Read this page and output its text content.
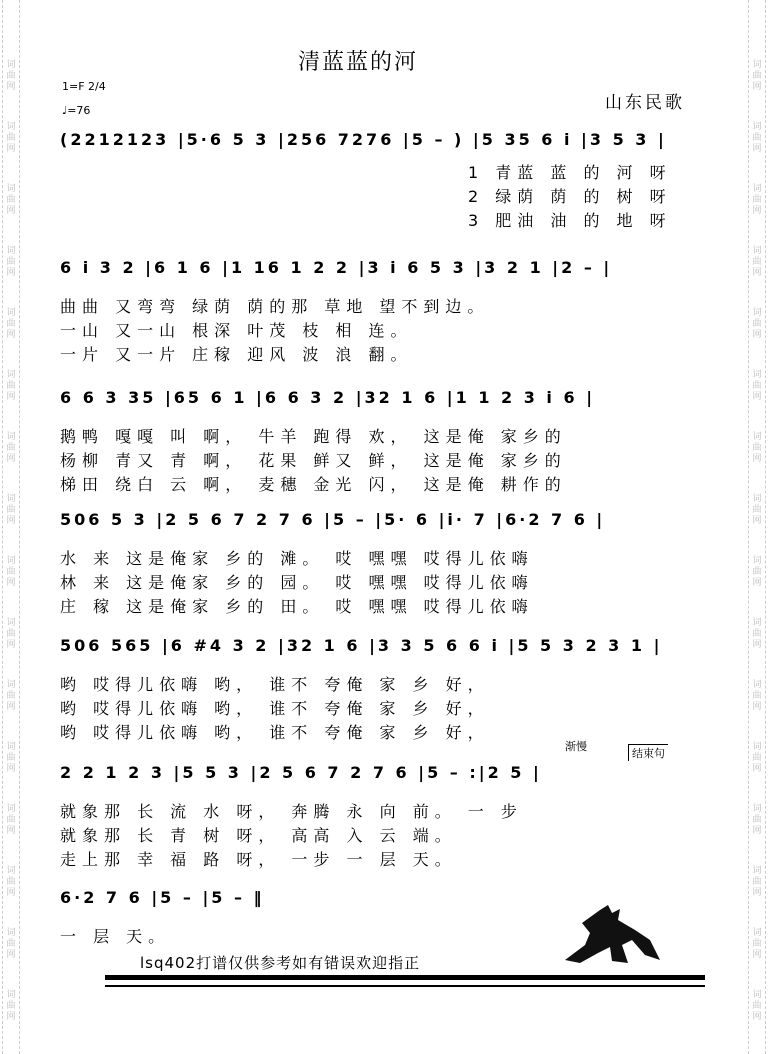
词曲网
词曲网
词曲网
词曲网
词曲网
词曲网
词曲网
词曲网
词曲网
词曲网
词曲网
词曲网
词曲网
词曲网
词曲网
词曲网
词曲网
词曲网
词曲网
词曲网
词曲网
词曲网
词曲网
词曲网
词曲网
词曲网
词曲网
词曲网
词曲网
词曲网
词曲网
词曲网
清蓝蓝的河
山东民歌
1=F 2/4
♩=76
(2212123 |5·6 5 3 |256 7276 |5 – ) |5 35 6 i |3 5 3 |
1 青蓝 蓝 的 河 呀
2 绿荫 荫 的 树 呀
3 肥油 油 的 地 呀
6 i 3 2 |6 1 6 |1 16 1 2 2 |3 i 6 5 3 |3 2 1 |2 – |
曲曲 又弯弯 绿荫 荫的那 草地 望不到边。
一山 又一山 根深 叶茂 枝 相 连。
一片 又一片 庄稼 迎风 波 浪 翻。
6 6 3 35 |65 6 1 |6 6 3 2 |32 1 6 |1 1 2 3 i 6 |
鹅鸭 嘎嘎 叫 啊， 牛羊 跑得 欢， 这是俺 家乡的
杨柳 青又 青 啊， 花果 鲜又 鲜， 这是俺 家乡的
梯田 绕白 云 啊， 麦穗 金光 闪， 这是俺 耕作的
506 5 3 |2 5 6 7 2 7 6 |5 – |5· 6 |i· 7 |6·2 7 6 |
水 来 这是俺家 乡的 滩。 哎 嘿嘿 哎得儿依嗨
林 来 这是俺家 乡的 园。 哎 嘿嘿 哎得儿依嗨
庄 稼 这是俺家 乡的 田。 哎 嘿嘿 哎得儿依嗨
506 565 |6 #4 3 2 |32 1 6 |3 3 5 6 6 i |5 5 3 2 3 1 |
哟 哎得儿依嗨 哟， 谁不 夸俺 家 乡 好，
哟 哎得儿依嗨 哟， 谁不 夸俺 家 乡 好，
哟 哎得儿依嗨 哟， 谁不 夸俺 家 乡 好，
2 2 1 2 3 |5 5 3 |2 5 6 7 2 7 6 |5 – :|2 5 |
就象那 长 流 水 呀， 奔腾 永 向 前。 一 步
就象那 长 青 树 呀， 高高 入 云 端。
走上那 幸 福 路 呀， 一步 一 层 天。
6·2 7 6 |5 – |5 – ‖
一 层 天。
渐慢
结束句
lsq402打谱仅供参考如有错误欢迎指正
